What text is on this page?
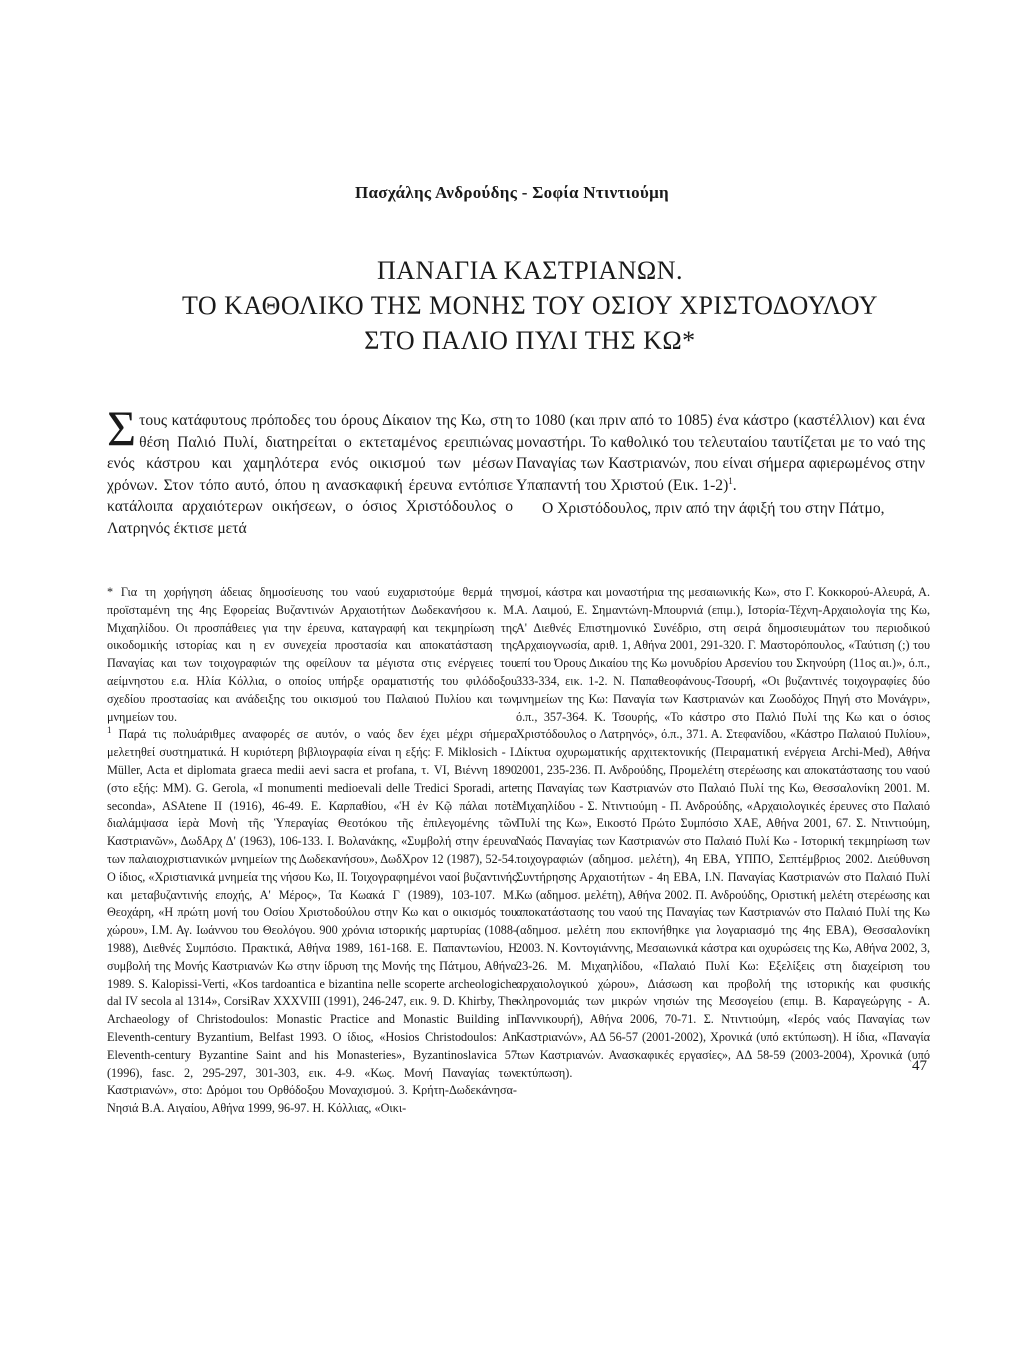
Πασχάλης Ανδρούδης - Σοφία Ντιντιούμη
ΠΑΝΑΓΙΑ ΚΑΣΤΡΙΑΝΩΝ.
ΤΟ ΚΑΘΟΛΙΚΟ ΤΗΣ ΜΟΝΗΣ ΤΟΥ ΟΣΙΟΥ ΧΡΙΣΤΟΔΟΥΛΟΥ
ΣΤΟ ΠΑΛΙΟ ΠΥΛΙ ΤΗΣ ΚΩ*

Στους κατάφυτους πρόποδες του όρους Δίκαιον της Κω, στη θέση Παλιό Πυλί, διατηρείται ο εκτεταμένος ερειπιώνας ενός κάστρου και χαμηλότερα ενός οικισμού των μέσων χρόνων. Στον τόπο αυτό, όπου η ανασκαφική έρευνα εντόπισε κατάλοιπα αρχαιότερων οικήσεων, ο όσιος Χριστόδουλος ο Λατρηνός έκτισε μετά

το 1080 (και πριν από το 1085) ένα κάστρο (καστέλλιον) και ένα μοναστήρι. Το καθολικό του τελευταίου ταυτίζεται με το ναό της Παναγίας των Καστριανών, που είναι σήμερα αφιερωμένος στην Υπαπαντή του Χριστού (Εικ. 1-2)$^1$.

Ο Χριστόδουλος, πριν από την άφιξή του στην Πάτμο,

* Για τη χορήγηση άδειας δημοσίευσης του ναού ευχαριστούμε θερμά την προϊσταμένη της 4ης Εφορείας Βυζαντινών Αρχαιοτήτων Δωδεκανήσου κ. Μ. Μιχαηλίδου. Οι προσπάθειες για την έρευνα, καταγραφή και τεκμηρίωση της οικοδομικής ιστορίας και η εν συνεχεία προστασία και αποκατάσταση της Παναγίας και των τοιχογραφιών της οφείλουν τα μέγιστα στις ενέργειες του αείμνηστου ε.α. Ηλία Κόλλια, ο οποίος υπήρξε οραματιστής του φιλόδοξου σχεδίου προστασίας και ανάδειξης του οικισμού του Παλαιού Πυλίου και των μνημείων του.

$^1$ Παρά τις πολυάριθμες αναφορές σε αυτόν, ο ναός δεν έχει μέχρι σήμερα μελετηθεί συστηματικά. Η κυριότερη βιβλιογραφία είναι η εξής: F. Miklosich - I. Müller, Acta et diplomata graeca medii aevi sacra et profana, τ. VI, Βιέννη 1890 (στο εξής: ΜΜ). G. Gerola, «I monumenti medioevali delle Tredici Sporadi, arte seconda», ASAtene II (1916), 46-49. Ε. Καρπαθίου, «Ἡ ἐν Κῷ πάλαι ποτὲ διαλάμψασα ἱερὰ Μονὴ τῆς Ὑπεραγίας Θεοτόκου τῆς ἐπιλεγομένης τῶν Καστριανῶν», ΔωδΑρχ Δ' (1963), 106-133. Ι. Βολανάκης, «Συμβολή στην έρευνα των παλαιοχριστιανικών μνημείων της Δωδεκανήσου», ΔωδΧρον 12 (1987), 52-54. Ο ίδιος, «Χριστιανικά μνημεία της νήσου Κω, ΙΙ. Τοιχογραφημένοι ναοί βυζαντινής και μεταβυζαντινής εποχής, Α' Μέρος», Τα Κωακά Γ (1989), 103-107. Μ. Θεοχάρη, «Η πρώτη μονή του Οσίου Χριστοδούλου στην Κω και ο οικισμός του χώρου», Ι.Μ. Αγ. Ιωάννου του Θεολόγου. 900 χρόνια ιστορικής μαρτυρίας (1088-1988), Διεθνές Συμπόσιο. Πρακτικά, Αθήνα 1989, 161-168. Ε. Παπαντωνίου, Η συμβολή της Μονής Καστριανών Κω στην ίδρυση της Μονής της Πάτμου, Αθήνα 1989. S. Kalopissi-Verti, «Kos tardoantica e bizantina nelle scoperte archeologiche dal IV secola al 1314», CorsiRav XXXVIII (1991), 246-247, εικ. 9. D. Khirby, The Archaeology of Christodoulos: Monastic Practice and Monastic Building in Eleventh-century Byzantium, Belfast 1993. Ο ίδιος, «Hosios Christodoulos: An Eleventh-century Byzantine Saint and his Monasteries», Byzantinoslavica 57 (1996), fasc. 2, 295-297, 301-303, εικ. 4-9. «Κως. Μονή Παναγίας των Καστριανών», στο: Δρόμοι του Ορθόδοξου Μοναχισμού. 3. Κρήτη-Δωδεκάνησα-Νησιά Β.Α. Αιγαίου, Αθήνα 1999, 96-97. Η. Κόλλιας, «Οικι-

σμοί, κάστρα και μοναστήρια της μεσαιωνικής Κω», στο Γ. Κοκκορού-Αλευρά, Α. Α. Λαιμού, Ε. Σημαντώνη-Μπουρνιά (επιμ.), Ιστορία-Τέχνη-Αρχαιολογία της Κω, Α' Διεθνές Επιστημονικό Συνέδριο, στη σειρά δημοσιευμάτων του περιοδικού Αρχαιογνωσία, αριθ. 1, Αθήνα 2001, 291-320. Γ. Μαστορόπουλος, «Ταύτιση (;) του επί του Όρους Δικαίου της Κω μονυδρίου Αρσενίου του Σκηνούρη (11ος αι.)», ό.π., 333-334, εικ. 1-2. Ν. Παπαθεοφάνους-Τσουρή, «Οι βυζαντινές τοιχογραφίες δύο μνημείων της Κω: Παναγία των Καστριανών και Ζωοδόχος Πηγή στο Μονάγρι», ό.π., 357-364. Κ. Τσουρής, «Το κάστρο στο Παλιό Πυλί της Κω και ο όσιος Χριστόδουλος ο Λατρηνός», ό.π., 371. Α. Στεφανίδου, «Κάστρο Παλαιού Πυλίου», Δίκτυα οχυρωματικής αρχιτεκτονικής (Πειραματική ενέργεια Archi-Med), Αθήνα 2001, 235-236. Π. Ανδρούδης, Προμελέτη στερέωσης και αποκατάστασης του ναού της Παναγίας των Καστριανών στο Παλαιό Πυλί της Κω, Θεσσαλονίκη 2001. Μ. Μιχαηλίδου - Σ. Ντιντιούμη - Π. Ανδρούδης, «Αρχαιολογικές έρευνες στο Παλαιό Πυλί της Κω», Εικοστό Πρώτο Συμπόσιο ΧΑΕ, Αθήνα 2001, 67. Σ. Ντιντιούμη, Ναός Παναγίας των Καστριανών στο Παλαιό Πυλί Κω - Ιστορική τεκμηρίωση των τοιχογραφιών (αδημοσ. μελέτη), 4η ΕΒΑ, ΥΠΠΟ, Σεπτέμβριος 2002. Διεύθυνση Συντήρησης Αρχαιοτήτων - 4η ΕΒΑ, Ι.Ν. Παναγίας Καστριανών στο Παλαιό Πυλί Κω (αδημοσ. μελέτη), Αθήνα 2002. Π. Ανδρούδης, Οριστική μελέτη στερέωσης και αποκατάστασης του ναού της Παναγίας των Καστριανών στο Παλαιό Πυλί της Κω (αδημοσ. μελέτη που εκπονήθηκε για λογαριασμό της 4ης ΕΒΑ), Θεσσαλονίκη 2003. Ν. Κοντογιάννης, Μεσαιωνικά κάστρα και οχυρώσεις της Κω, Αθήνα 2002, 3, 23-26. Μ. Μιχαηλίδου, «Παλαιό Πυλί Κω: Εξελίξεις στη διαχείριση του αρχαιολογικού χώρου», Διάσωση και προβολή της ιστορικής και φυσικής κληρονομιάς των μικρών νησιών της Μεσογείου (επιμ. Β. Καραγεώργης - Α. Παννικουρή), Αθήνα 2006, 70-71. Σ. Ντιντιούμη, «Ιερός ναός Παναγίας των Καστριανών», ΑΔ 56-57 (2001-2002), Χρονικά (υπό εκτύπωση). Η ίδια, «Παναγία των Καστριανών. Ανασκαφικές εργασίες», ΑΔ 58-59 (2003-2004), Χρονικά (υπό εκτύπωση).	47
